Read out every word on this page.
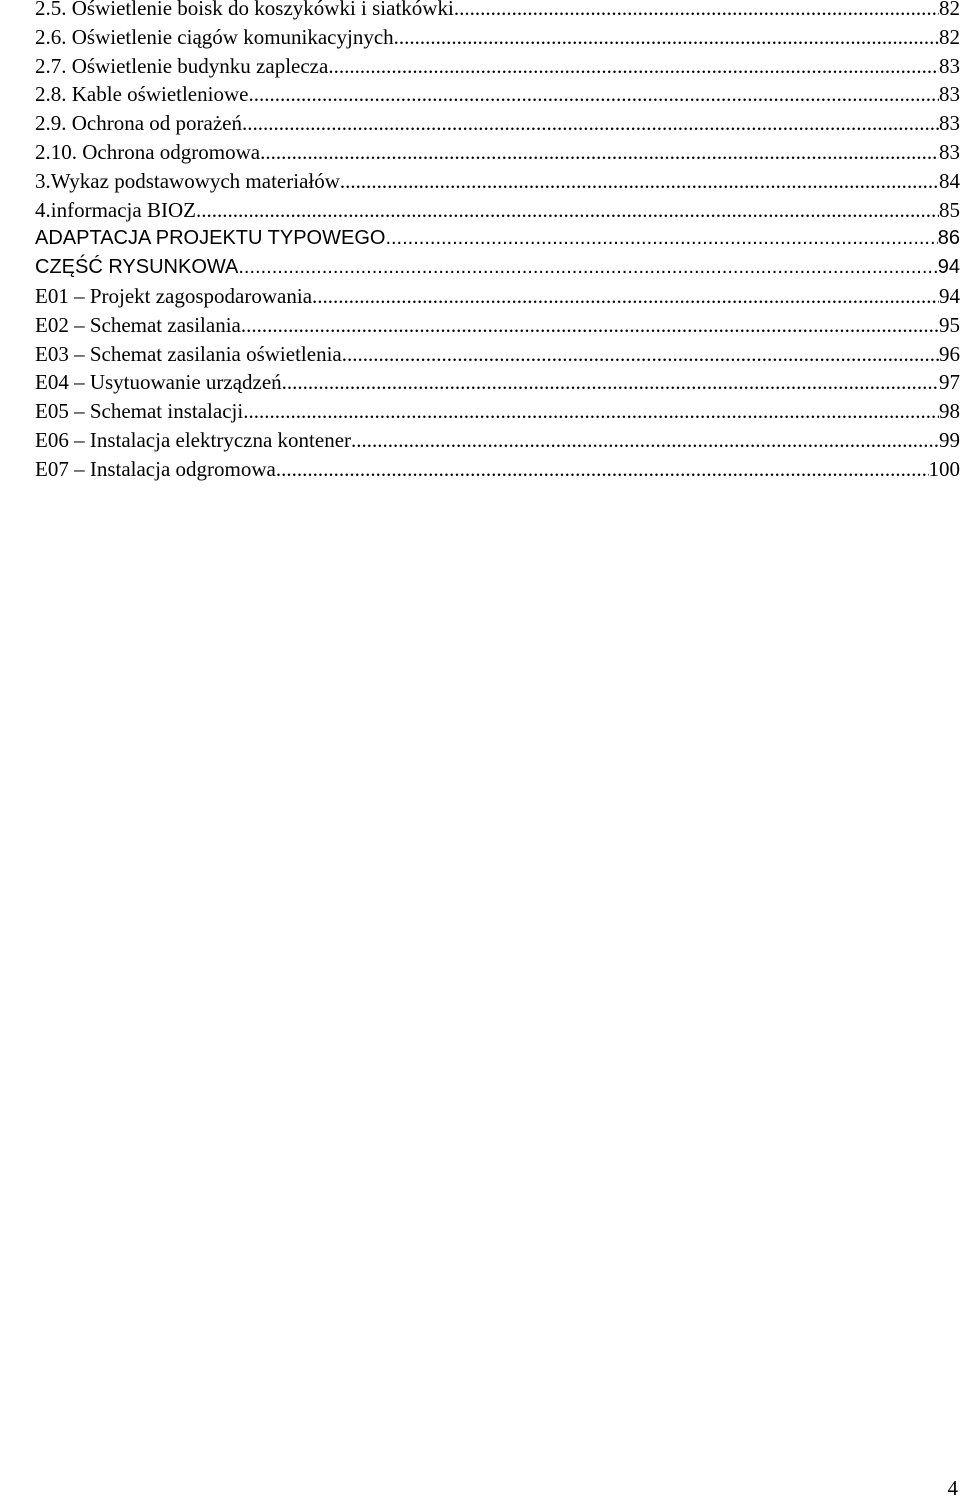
2.5. Oświetlenie boisk do koszykówki i siatkówki .....	82
2.6. Oświetlenie ciągów komunikacyjnych .....	82
2.7. Oświetlenie budynku zaplecza .....	83
2.8. Kable oświetleniowe .....	83
2.9. Ochrona od porażeń .....	83
2.10. Ochrona odgromowa .....	83
3.Wykaz podstawowych materiałów .....	84
4.informacja BIOZ .....	85
ADAPTACJA PROJEKTU TYPOWEGO .....	86
CZĘŚĆ RYSUNKOWA .....	94
E01 – Projekt zagospodarowania .....	94
E02 – Schemat zasilania .....	95
E03 – Schemat zasilania oświetlenia .....	96
E04 – Usytuowanie urządzeń .....	97
E05 – Schemat instalacji .....	98
E06 – Instalacja elektryczna kontener .....	99
E07 – Instalacja odgromowa .....	100
4
